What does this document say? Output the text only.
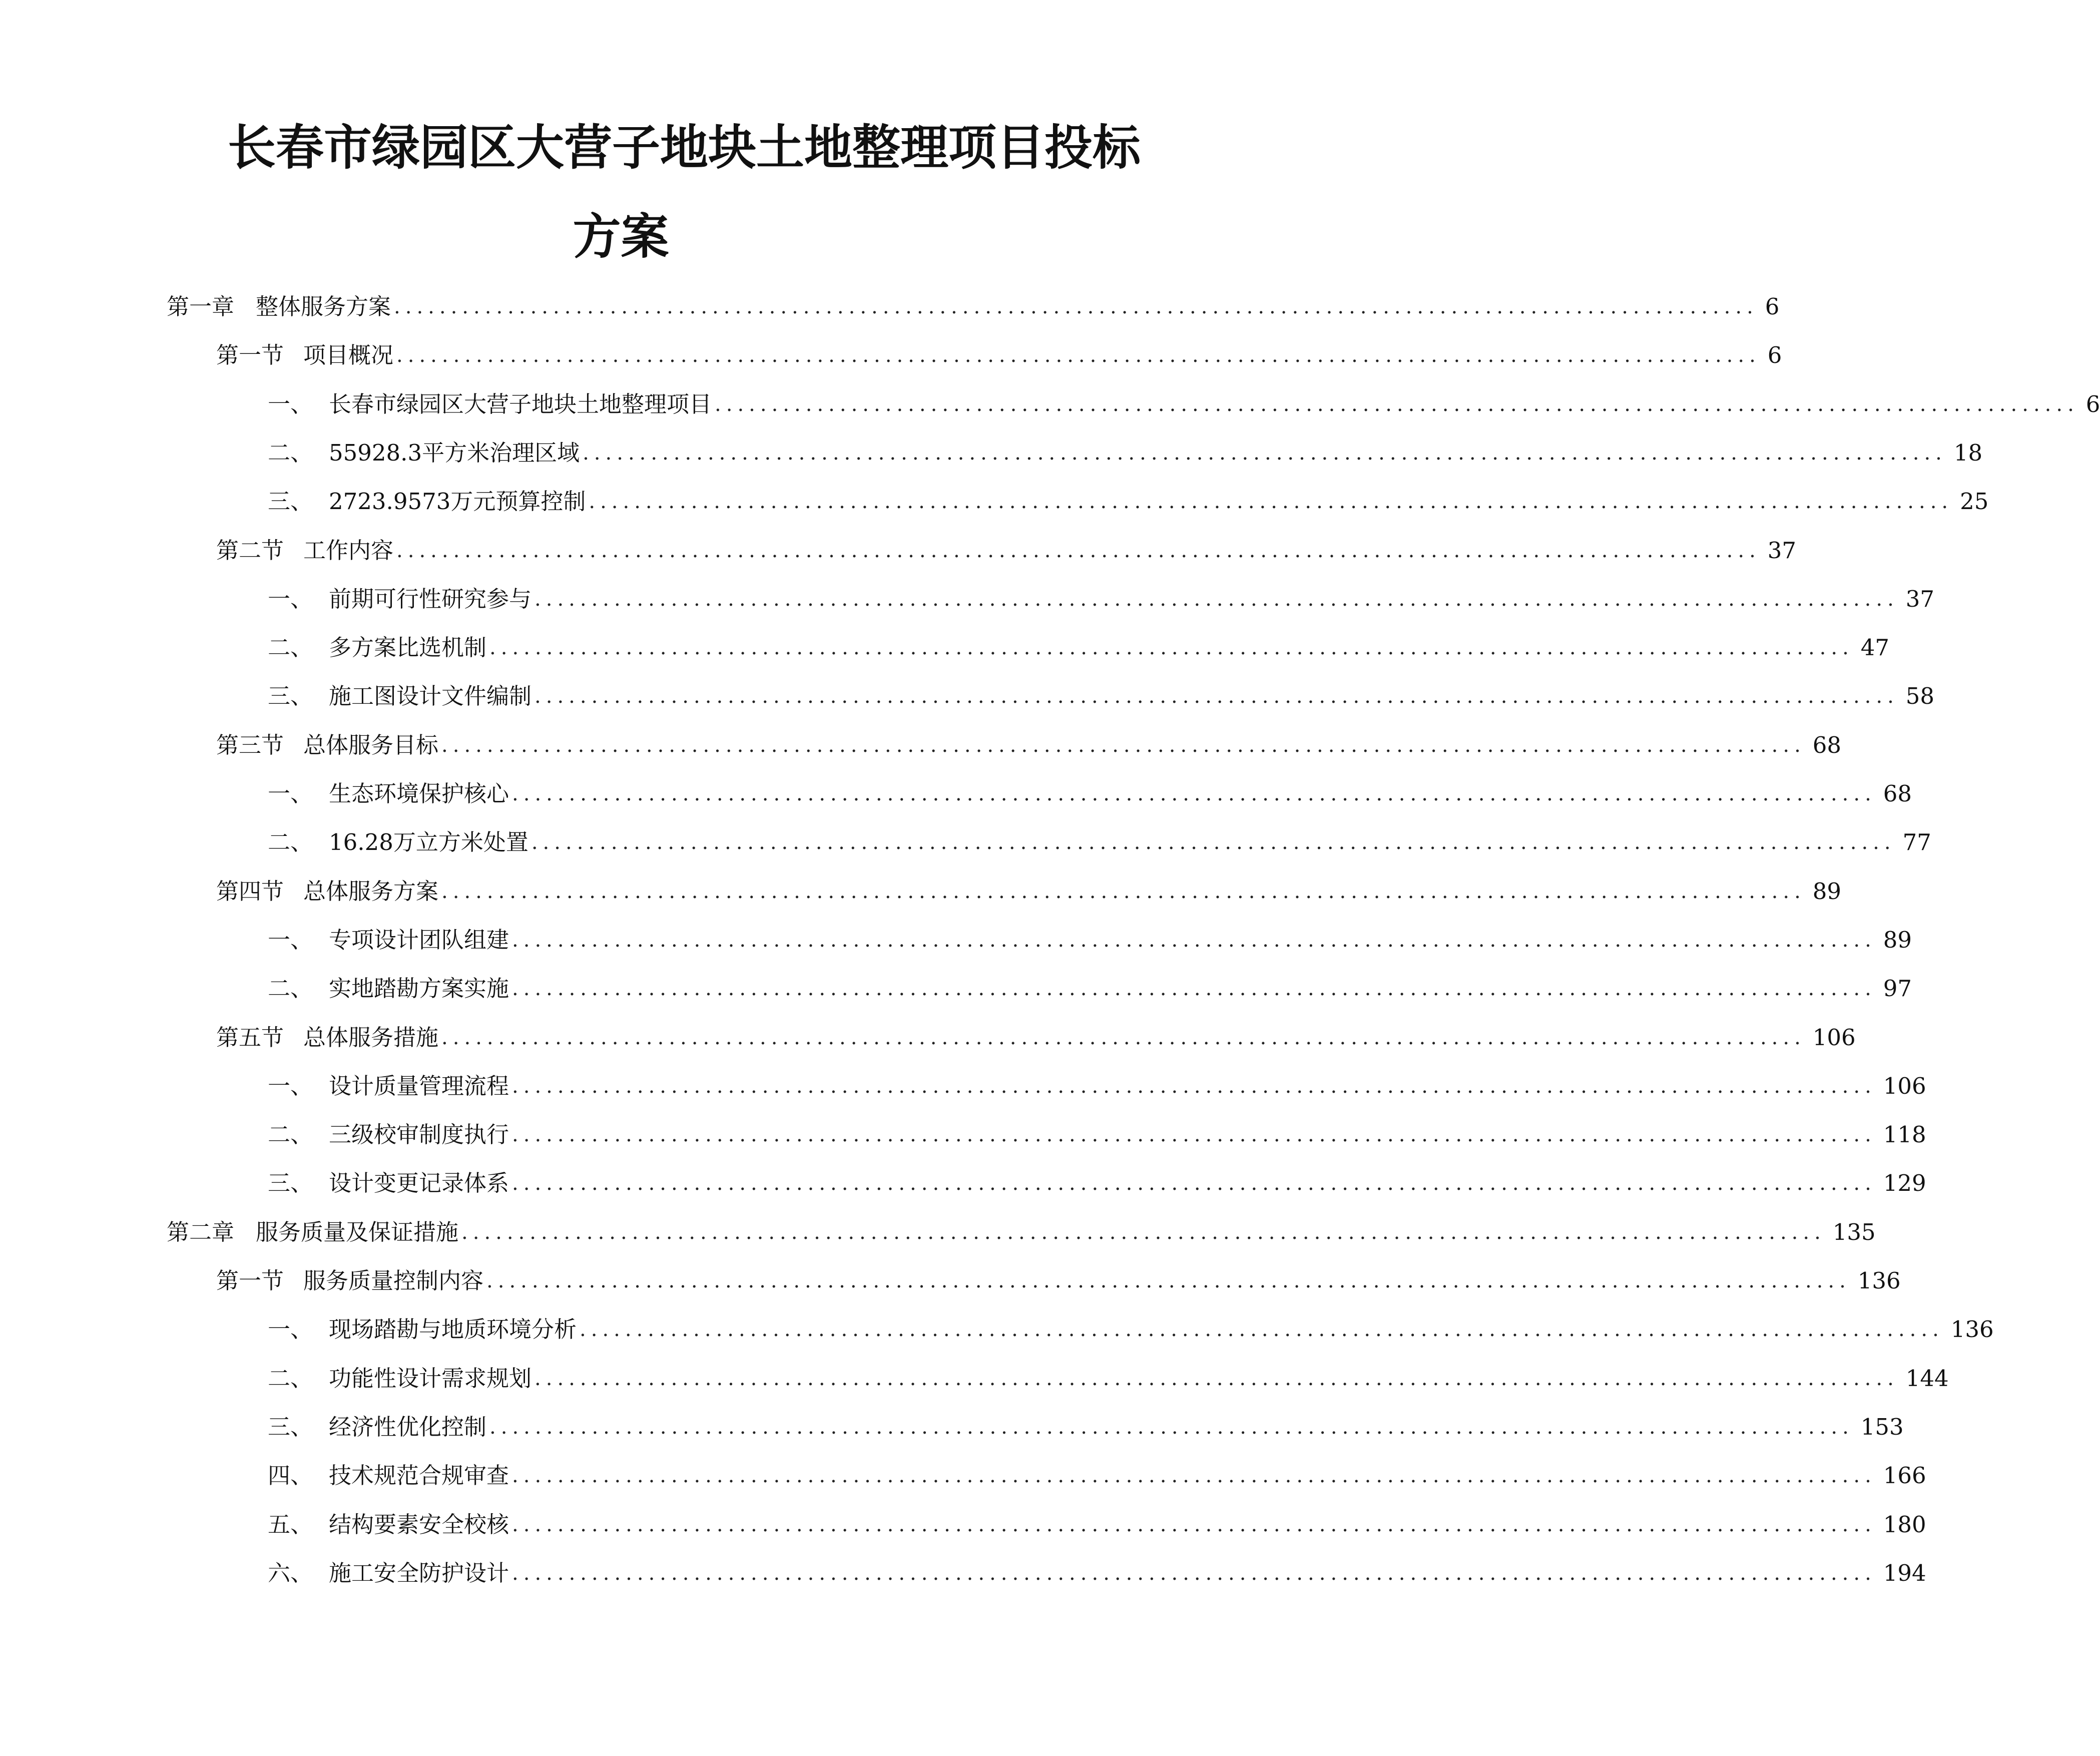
长春市绿园区大营子地块土地整理项目投标
方案
第一章 整体服务方案 ........................................................................................................................ 6
第一节 项目概况 ........................................................................................................................ 6
一、 长春市绿园区大营子地块土地整理项目 ........................................................................................................................ 6
二、 55928.3平方米治理区域 ........................................................................................................................ 18
三、 2723.9573万元预算控制 ........................................................................................................................ 25
第二节 工作内容 ........................................................................................................................ 37
一、 前期可行性研究参与 ........................................................................................................................ 37
二、 多方案比选机制 ........................................................................................................................ 47
三、 施工图设计文件编制 ........................................................................................................................ 58
第三节 总体服务目标 ........................................................................................................................ 68
一、 生态环境保护核心 ........................................................................................................................ 68
二、 16.28万立方米处置 ........................................................................................................................ 77
第四节 总体服务方案 ........................................................................................................................ 89
一、 专项设计团队组建 ........................................................................................................................ 89
二、 实地踏勘方案实施 ........................................................................................................................ 97
第五节 总体服务措施 ........................................................................................................................ 106
一、 设计质量管理流程 ........................................................................................................................ 106
二、 三级校审制度执行 ........................................................................................................................ 118
三、 设计变更记录体系 ........................................................................................................................ 129
第二章 服务质量及保证措施 ........................................................................................................................ 135
第一节 服务质量控制内容 ........................................................................................................................ 136
一、 现场踏勘与地质环境分析 ........................................................................................................................ 136
二、 功能性设计需求规划 ........................................................................................................................ 144
三、 经济性优化控制 ........................................................................................................................ 153
四、 技术规范合规审查 ........................................................................................................................ 166
五、 结构要素安全校核 ........................................................................................................................ 180
六、 施工安全防护设计 ........................................................................................................................ 194
